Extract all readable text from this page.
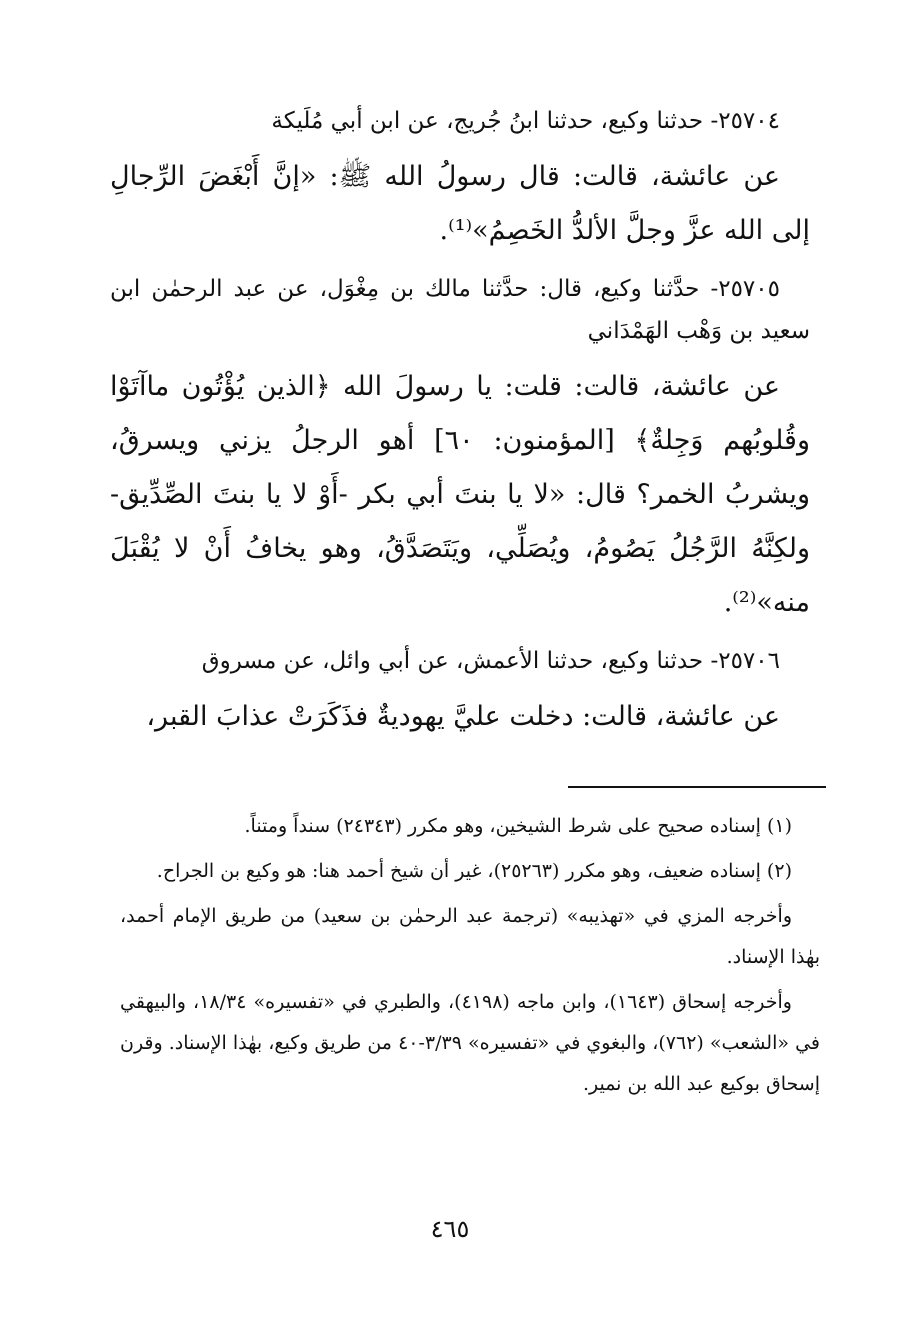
٢٥٧٠٤- حدثنا وكيع، حدثنا ابنُ جُريج، عن ابن أبي مُلَيكة

عن عائشة، قالت: قال رسولُ الله ﷺ: «إنَّ أَبْغَضَ الرِّجالِ إلى الله عزَّ وجلَّ الألدُّ الخَصِمُ»⁽¹⁾.

٢٥٧٠٥- حدَّثنا وكيع، قال: حدَّثنا مالك بن مِغْوَل، عن عبد الرحمٰن ابن سعيد بن وَهْب الهَمْدَاني

عن عائشة، قالت: قلت: يا رسولَ الله ﴿الذين يُؤْتُون ماآتَوْا وقُلوبُهم وَجِلةٌ﴾ [المؤمنون: ٦٠] أهو الرجلُ يزني ويسرقُ، ويشربُ الخمر؟ قال: «لا يا بنتَ أبي بكر -أَوْ لا يا بنتَ الصِّدِّيق- ولكِنَّهُ الرَّجُلُ يَصُومُ، ويُصَلِّي، ويَتَصَدَّقُ، وهو يخافُ أَنْ لا يُقْبَلَ منه»⁽²⁾.

٢٥٧٠٦- حدثنا وكيع، حدثنا الأعمش، عن أبي وائل، عن مسروق

عن عائشة، قالت: دخلت عليَّ يهوديةٌ فذَكَرَتْ عذابَ القبر،

(١) إسناده صحيح على شرط الشيخين، وهو مكرر (٢٤٣٤٣) سنداً ومتناً.

(٢) إسناده ضعيف، وهو مكرر (٢٥٢٦٣)، غير أن شيخ أحمد هنا: هو وكيع بن الجراح.

وأخرجه المزي في «تهذيبه» (ترجمة عبد الرحمٰن بن سعيد) من طريق الإمام أحمد، بهٰذا الإسناد.

وأخرجه إسحاق (١٦٤٣)، وابن ماجه (٤١٩٨)، والطبري في «تفسيره» ١٨/٣٤، والبيهقي في «الشعب» (٧٦٢)، والبغوي في «تفسيره» ٣/٣٩-٤٠ من طريق وكيع، بهٰذا الإسناد. وقرن إسحاق بوكيع عبد الله بن نمير.

٤٦٥
